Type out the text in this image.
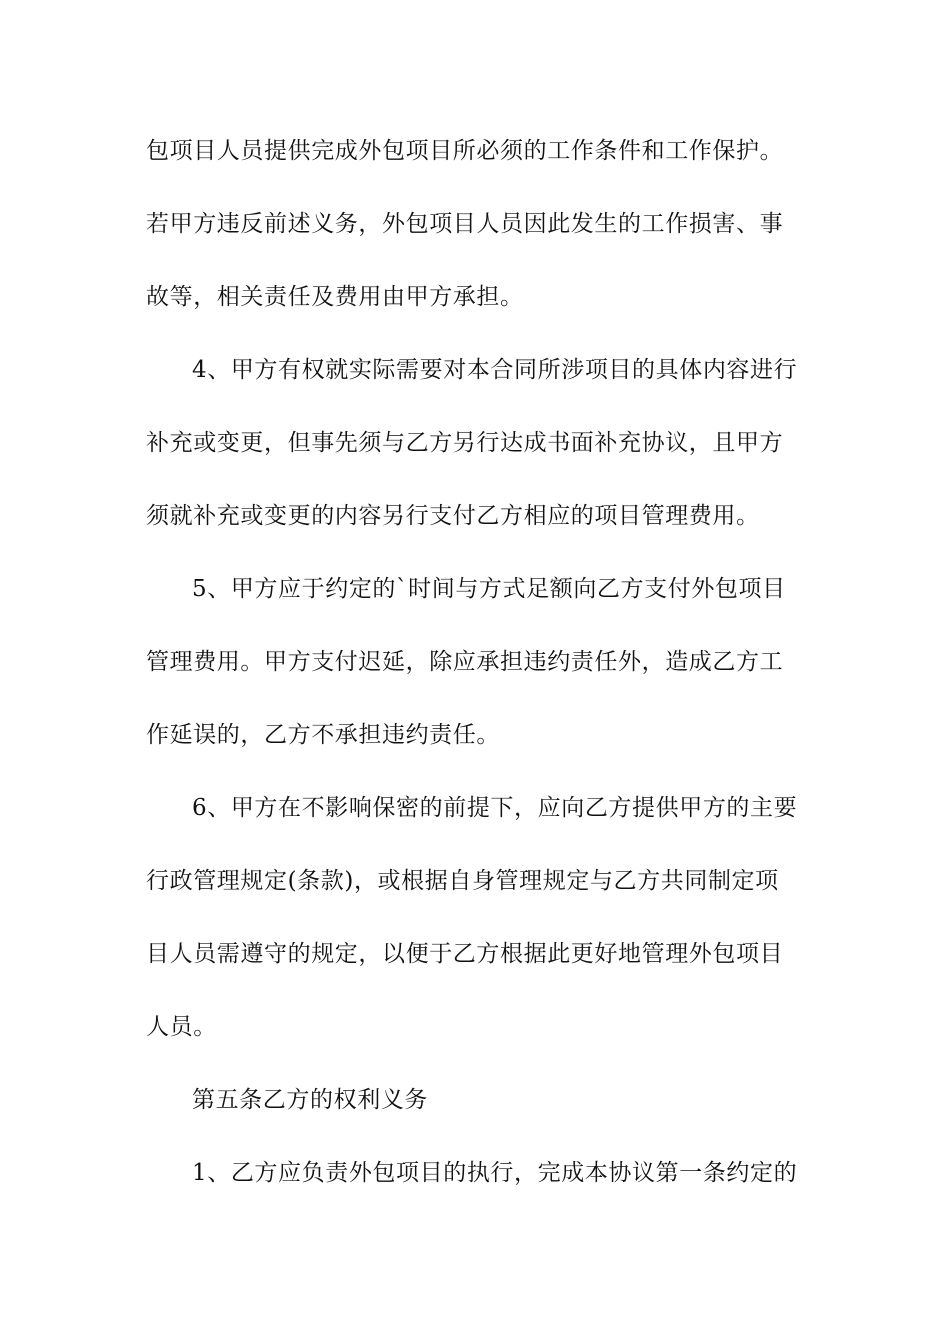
包项目人员提供完成外包项目所必须的工作条件和工作保护。
若甲方违反前述义务，外包项目人员因此发生的工作损害、事
故等，相关责任及费用由甲方承担。
4、甲方有权就实际需要对本合同所涉项目的具体内容进行
补充或变更，但事先须与乙方另行达成书面补充协议，且甲方
须就补充或变更的内容另行支付乙方相应的项目管理费用。
5、甲方应于约定的`时间与方式足额向乙方支付外包项目
管理费用。甲方支付迟延，除应承担违约责任外，造成乙方工
作延误的，乙方不承担违约责任。
6、甲方在不影响保密的前提下，应向乙方提供甲方的主要
行政管理规定(条款)，或根据自身管理规定与乙方共同制定项
目人员需遵守的规定，以便于乙方根据此更好地管理外包项目
人员。
第五条乙方的权利义务
1、乙方应负责外包项目的执行，完成本协议第一条约定的
